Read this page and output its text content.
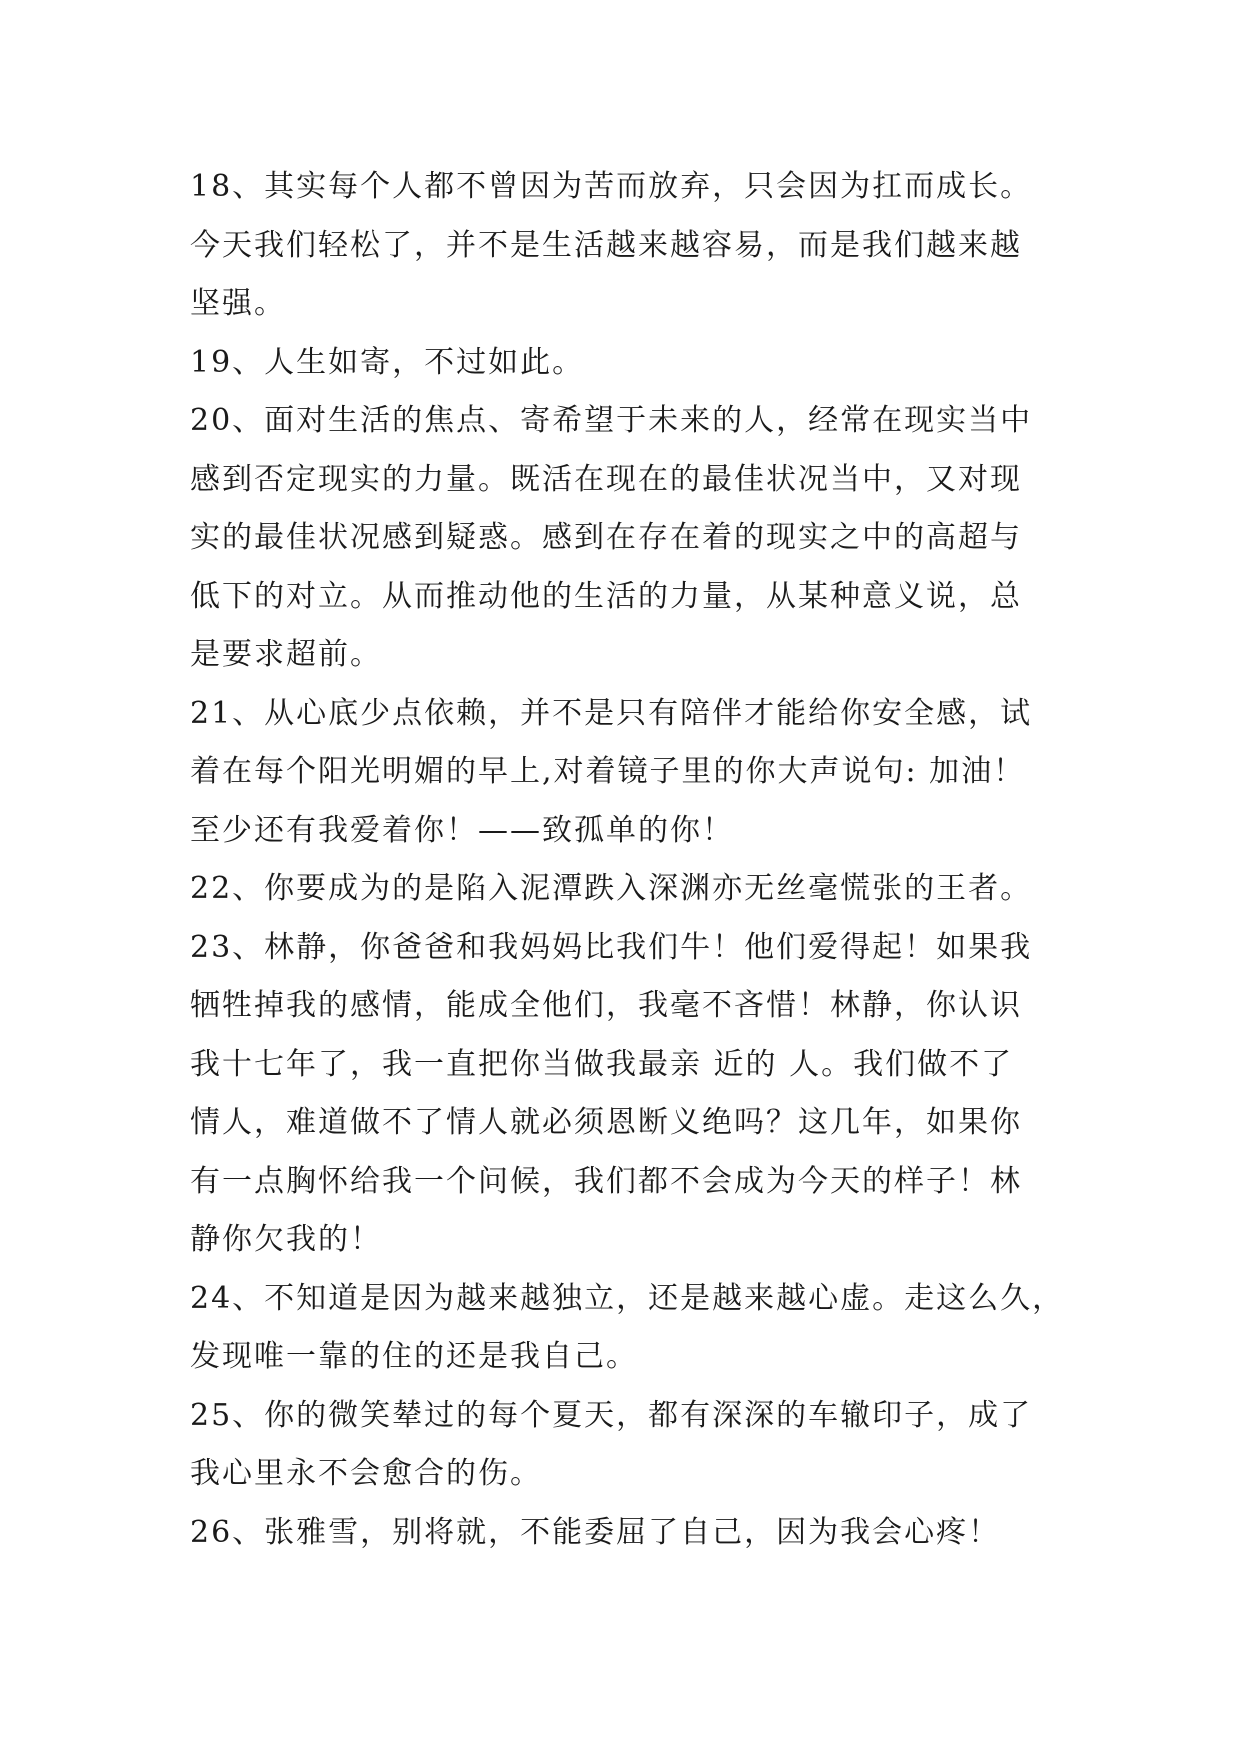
18、其实每个人都不曾因为苦而放弃，只会因为扛而成长。
今天我们轻松了，并不是生活越来越容易，而是我们越来越
坚强。
19、人生如寄，不过如此。
20、面对生活的焦点、寄希望于未来的人，经常在现实当中
感到否定现实的力量。既活在现在的最佳状况当中，又对现
实的最佳状况感到疑惑。感到在存在着的现实之中的高超与
低下的对立。从而推动他的生活的力量，从某种意义说，总
是要求超前。
21、从心底少点依赖，并不是只有陪伴才能给你安全感，试
着在每个阳光明媚的早上,对着镜子里的你大声说句: 加油！
至少还有我爱着你！——致孤单的你！
22、你要成为的是陷入泥潭跌入深渊亦无丝毫慌张的王者。
23、林静，你爸爸和我妈妈比我们牛！他们爱得起！如果我
牺牲掉我的感情，能成全他们，我毫不吝惜！林静，你认识
我十七年了，我一直把你当做我最亲 近的 人。我们做不了
情人，难道做不了情人就必须恩断义绝吗？这几年，如果你
有一点胸怀给我一个问候，我们都不会成为今天的样子！林
静你欠我的！
24、不知道是因为越来越独立，还是越来越心虚。走这么久，
发现唯一靠的住的还是我自己。
25、你的微笑辇过的每个夏天，都有深深的车辙印子，成了
我心里永不会愈合的伤。
26、张雅雪，别将就，不能委屈了自己，因为我会心疼！
